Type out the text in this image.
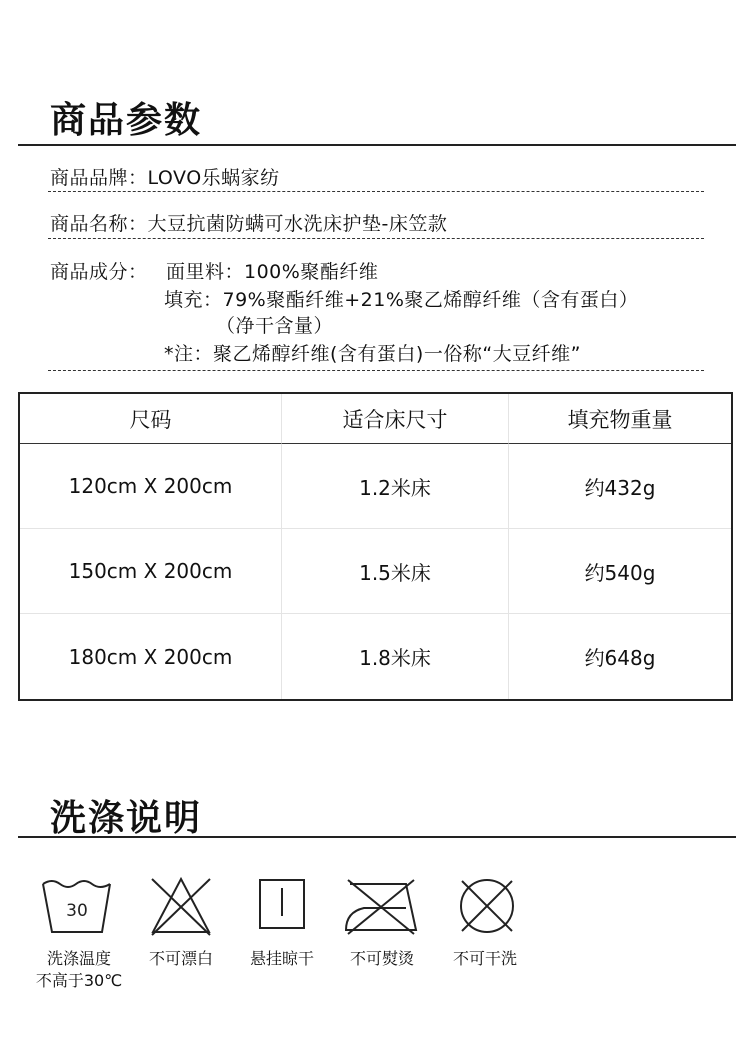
商品参数
商品品牌：LOVO乐蜗家纺
商品名称：大豆抗菌防螨可水洗床护垫-床笠款
商品成分： 面里料：100%聚酯纤维
填充：79%聚酯纤维+21%聚乙烯醇纤维（含有蛋白）
（净干含量）
*注：聚乙烯醇纤维(含有蛋白)一俗称“大豆纤维”
尺码	适合床尺寸	填充物重量
120cm X 200cm	1.2米床	约432g
150cm X 200cm	1.5米床	约540g
180cm X 200cm	1.8米床	约648g
洗涤说明
30
洗涤温度
不高于30℃
不可漂白	悬挂晾干	不可熨烫	不可干洗
